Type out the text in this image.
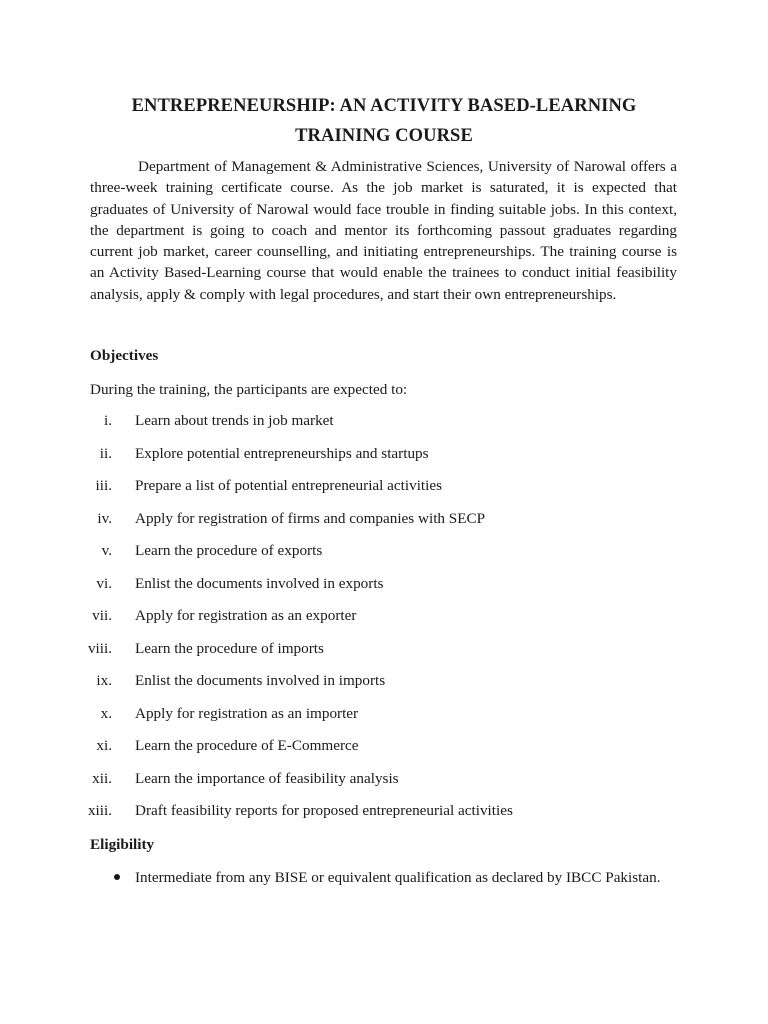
ENTREPRENEURSHIP: AN ACTIVITY BASED-LEARNING
TRAINING COURSE

Department of Management & Administrative Sciences, University of Narowal offers a three-week training certificate course. As the job market is saturated, it is expected that graduates of University of Narowal would face trouble in finding suitable jobs. In this context, the department is going to coach and mentor its forthcoming passout graduates regarding current job market, career counselling, and initiating entrepreneurships. The training course is an Activity Based-Learning course that would enable the trainees to conduct initial feasibility analysis, apply & comply with legal procedures, and start their own entrepreneurships.

Objectives
During the training, the participants are expected to:
i. Learn about trends in job market
ii. Explore potential entrepreneurships and startups
iii. Prepare a list of potential entrepreneurial activities
iv. Apply for registration of firms and companies with SECP
v. Learn the procedure of exports
vi. Enlist the documents involved in exports
vii. Apply for registration as an exporter
viii. Learn the procedure of imports
ix. Enlist the documents involved in imports
x. Apply for registration as an importer
xi. Learn the procedure of E-Commerce
xii. Learn the importance of feasibility analysis
xiii. Draft feasibility reports for proposed entrepreneurial activities
Eligibility
Intermediate from any BISE or equivalent qualification as declared by IBCC Pakistan.
